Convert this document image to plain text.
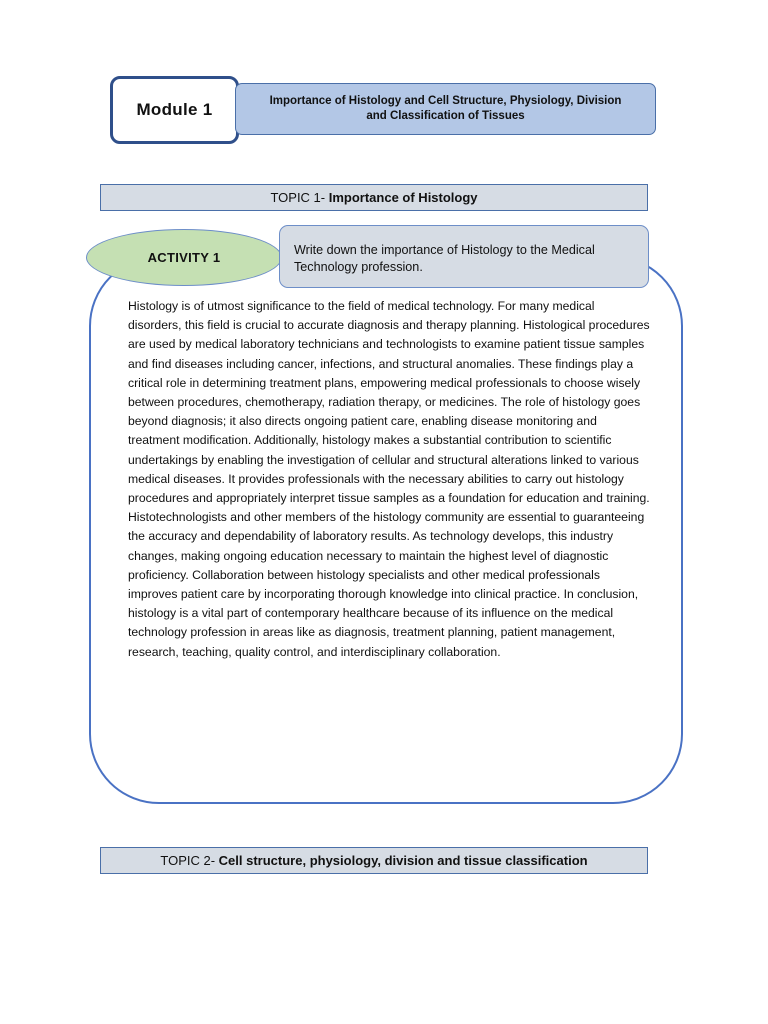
Module 1	Importance of Histology and Cell Structure, Physiology, Division and Classification of Tissues
TOPIC 1- Importance of Histology
ACTIVITY 1	Write down the importance of Histology to the Medical Technology profession.

Histology is of utmost significance to the field of medical technology. For many medical disorders, this field is crucial to accurate diagnosis and therapy planning. Histological procedures are used by medical laboratory technicians and technologists to examine patient tissue samples and find diseases including cancer, infections, and structural anomalies. These findings play a critical role in determining treatment plans, empowering medical professionals to choose wisely between procedures, chemotherapy, radiation therapy, or medicines. The role of histology goes beyond diagnosis; it also directs ongoing patient care, enabling disease monitoring and treatment modification. Additionally, histology makes a substantial contribution to scientific undertakings by enabling the investigation of cellular and structural alterations linked to various medical diseases. It provides professionals with the necessary abilities to carry out histology procedures and appropriately interpret tissue samples as a foundation for education and training. Histotechnologists and other members of the histology community are essential to guaranteeing the accuracy and dependability of laboratory results. As technology develops, this industry changes, making ongoing education necessary to maintain the highest level of diagnostic proficiency. Collaboration between histology specialists and other medical professionals improves patient care by incorporating thorough knowledge into clinical practice. In conclusion, histology is a vital part of contemporary healthcare because of its influence on the medical technology profession in areas like as diagnosis, treatment planning, patient management, research, teaching, quality control, and interdisciplinary collaboration.

TOPIC 2- Cell structure, physiology, division and tissue classification
